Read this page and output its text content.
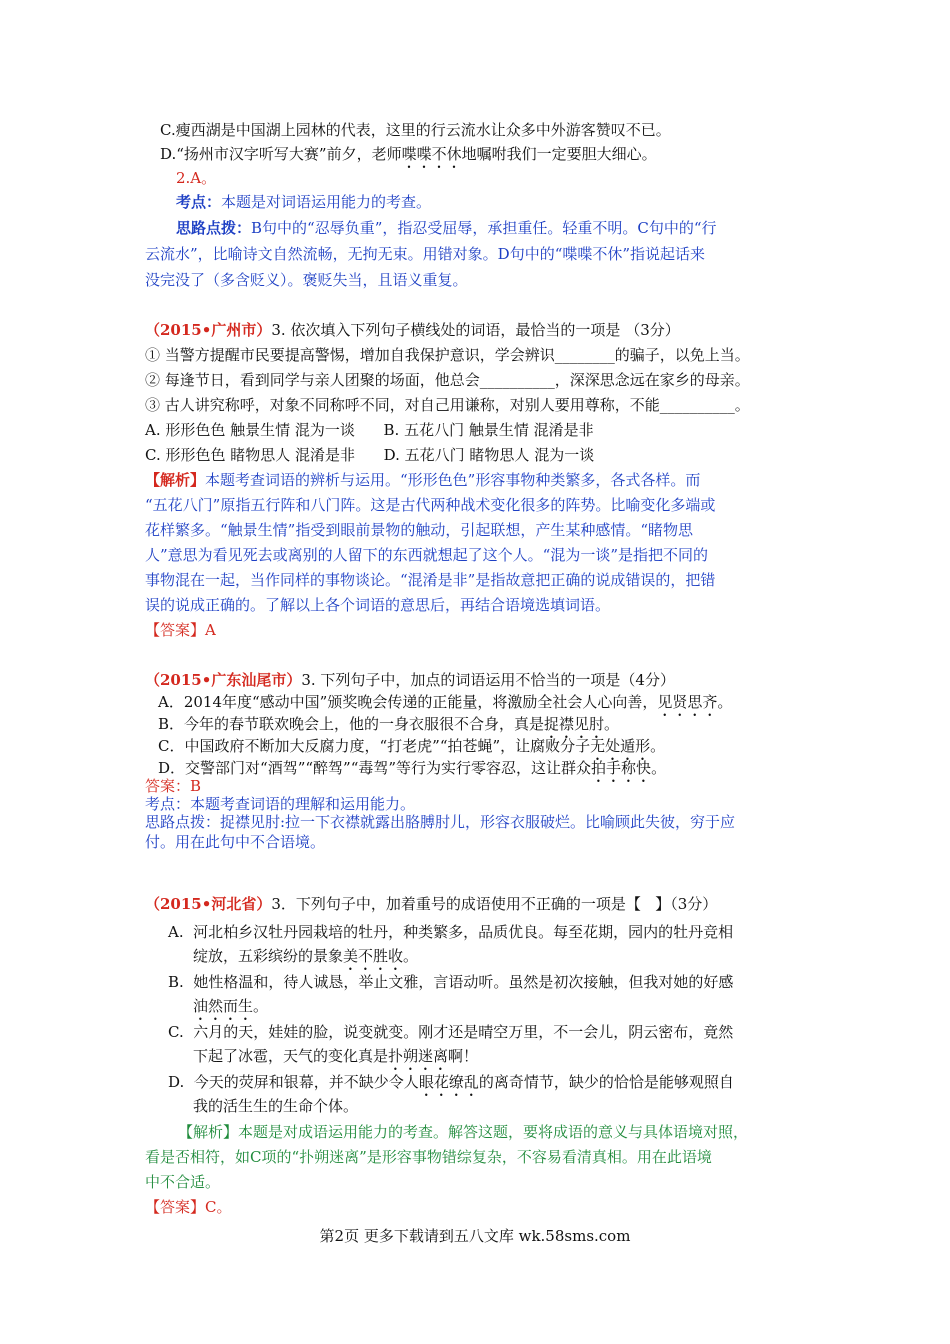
C.瘦西湖是中国湖上园林的代表，这里的行云流水让众多中外游客赞叹不已。
D.“扬州市汉字听写大赛”前夕，老师喋喋不休地嘱咐我们一定要胆大细心。
2.A。
考点：本题是对词语运用能力的考查。
思路点拨：B句中的“忍辱负重”，指忍受屈辱，承担重任。轻重不明。C句中的“行
云流水”，比喻诗文自然流畅，无拘无束。用错对象。D句中的“喋喋不休”指说起话来
没完没了（多含贬义）。褒贬失当，且语义重复。
（2015•广州市）3. 依次填入下列句子横线处的词语，最恰当的一项是 （3分）
① 当警方提醒市民要提高警惕，增加自我保护意识，学会辨识________的骗子，以免上当。
② 每逢节日，看到同学与亲人团聚的场面，他总会__________，深深思念远在家乡的母亲。
③ 古人讲究称呼，对象不同称呼不同，对自己用谦称，对别人要用尊称，不能__________。
A. 形形色色 触景生情 混为一谈      B. 五花八门 触景生情 混淆是非
C. 形形色色 睹物思人 混淆是非      D. 五花八门 睹物思人 混为一谈
【解析】本题考查词语的辨析与运用。“形形色色”形容事物种类繁多，各式各样。而
“五花八门”原指五行阵和八门阵。这是古代两种战术变化很多的阵势。比喻变化多端或
花样繁多。“触景生情”指受到眼前景物的触动，引起联想，产生某种感情。“睹物思
人”意思为看见死去或离别的人留下的东西就想起了这个人。“混为一谈”是指把不同的
事物混在一起，当作同样的事物谈论。“混淆是非”是指故意把正确的说成错误的，把错
误的说成正确的。了解以上各个词语的意思后，再结合语境选填词语。
【答案】A
（2015•广东汕尾市）3. 下列句子中，加点的词语运用不恰当的一项是（4分）
A．2014年度“感动中国”颁奖晚会传递的正能量，将激励全社会人心向善，见贤思齐。
B．今年的春节联欢晚会上，他的一身衣服很不合身，真是捉襟见肘。
C．中国政府不断加大反腐力度，“打老虎”“拍苍蝇”，让腐败分子无处遁形。
D．交警部门对“酒驾”“醉驾”“毒驾”等行为实行零容忍，这让群众拍手称快。
答案：B
考点：本题考查词语的理解和运用能力。
思路点拨：捉襟见肘:拉一下衣襟就露出胳膊肘儿，形容衣服破烂。比喻顾此失彼，穷于应
付。用在此句中不合语境。
（2015•河北省）3．下列句子中，加着重号的成语使用不正确的一项是【   】（3分）
A.  河北柏乡汉牡丹园栽培的牡丹，种类繁多，品质优良。每至花期，园内的牡丹竞相
绽放，五彩缤纷的景象美不胜收。
B.  她性格温和，待人诚恳，举止文雅，言语动听。虽然是初次接触，但我对她的好感
油然而生。
C.  六月的天，娃娃的脸，说变就变。刚才还是晴空万里，不一会儿，阴云密布，竟然
下起了冰雹，天气的变化真是扑朔迷离啊！
D.  今天的荧屏和银幕，并不缺少令人眼花缭乱的离奇情节，缺少的恰恰是能够观照自
我的活生生的生命个体。
【解析】本题是对成语运用能力的考查。解答这题，要将成语的意义与具体语境对照，
看是否相符，如C项的“扑朔迷离”是形容事物错综复杂，不容易看清真相。用在此语境
中不合适。
【答案】C。
第2页 更多下载请到五八文库 wk.58sms.com
